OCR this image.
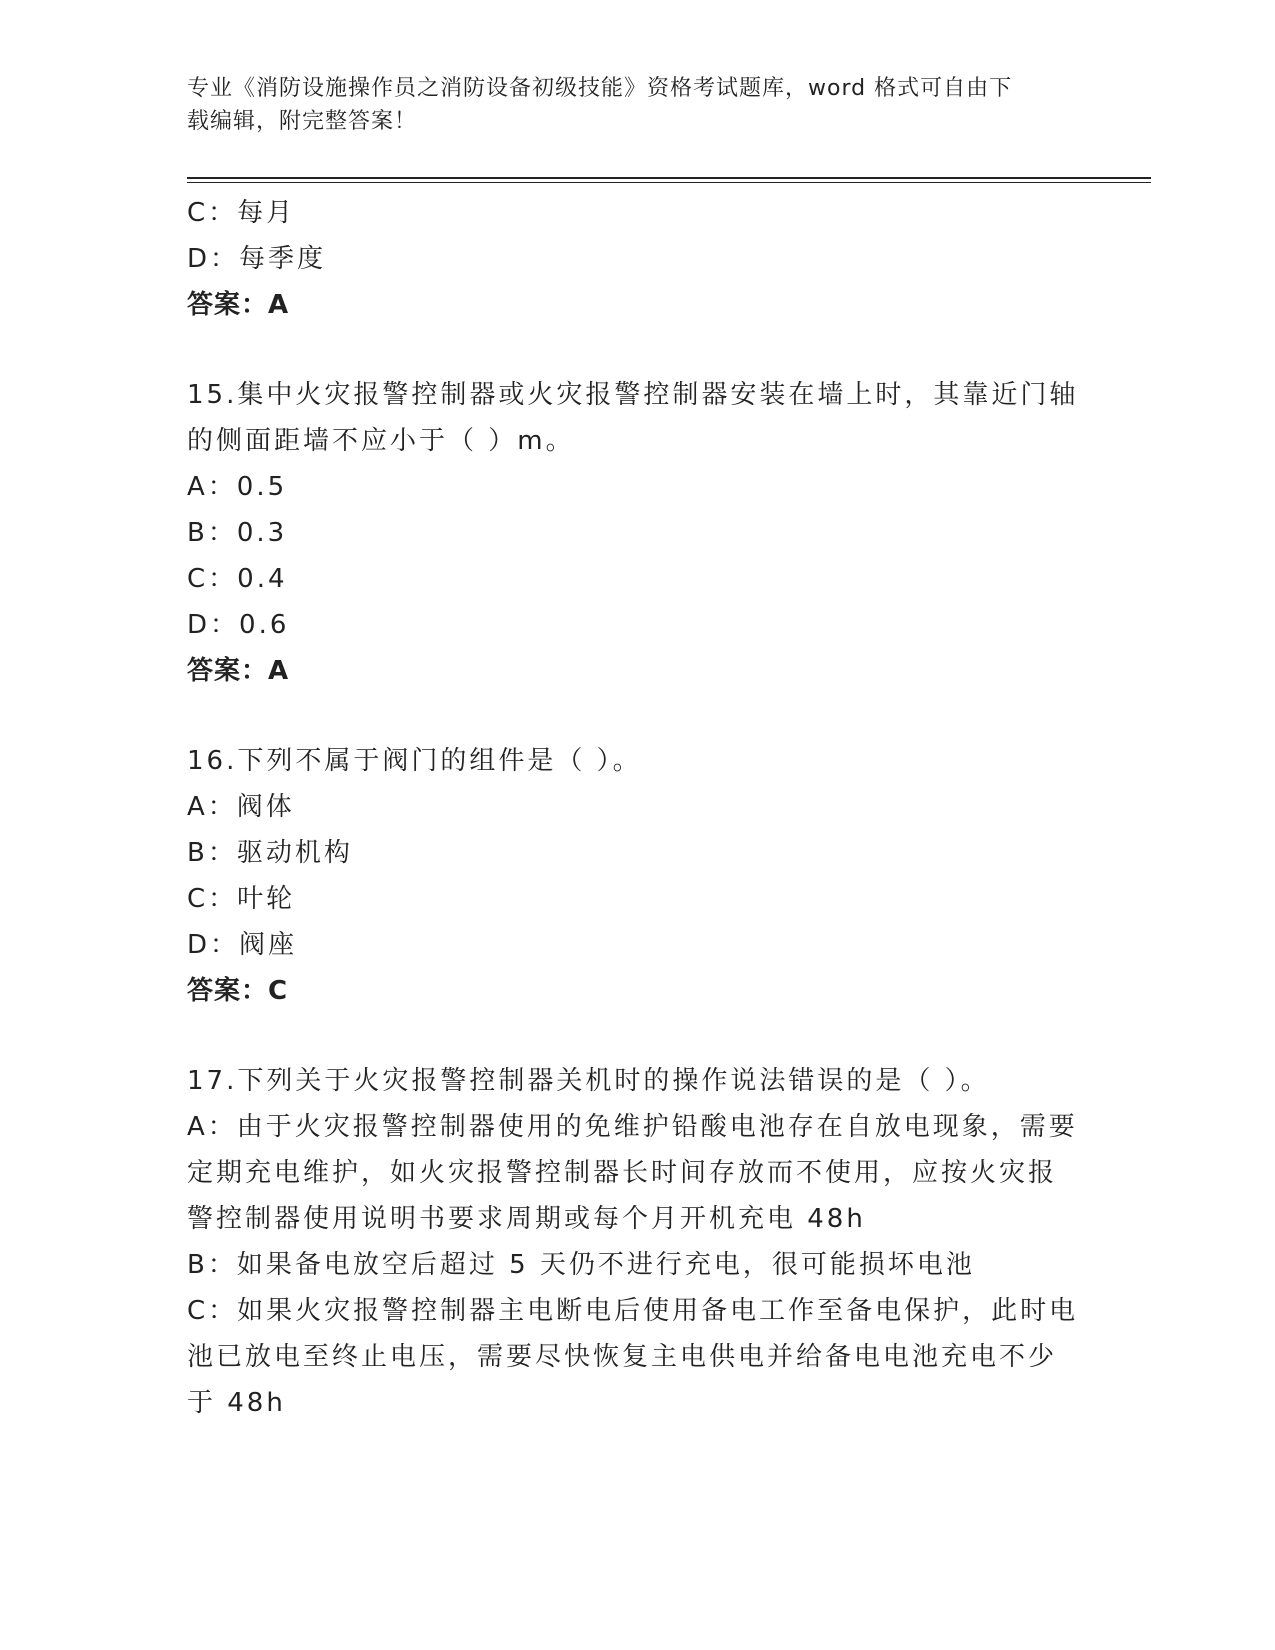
专业《消防设施操作员之消防设备初级技能》资格考试题库，word 格式可自由下
载编辑，附完整答案！
C：每月
D：每季度
答案：A
15.集中火灾报警控制器或火灾报警控制器安装在墙上时，其靠近门轴
的侧面距墙不应小于（ ）m。
A：0.5
B：0.3
C：0.4
D：0.6
答案：A
16.下列不属于阀门的组件是（ ）。
A：阀体
B：驱动机构
C：叶轮
D：阀座
答案：C
17.下列关于火灾报警控制器关机时的操作说法错误的是（ ）。
A：由于火灾报警控制器使用的免维护铅酸电池存在自放电现象，需要
定期充电维护，如火灾报警控制器长时间存放而不使用，应按火灾报
警控制器使用说明书要求周期或每个月开机充电 48h
B：如果备电放空后超过 5 天仍不进行充电，很可能损坏电池
C：如果火灾报警控制器主电断电后使用备电工作至备电保护，此时电
池已放电至终止电压，需要尽快恢复主电供电并给备电电池充电不少
于 48h
